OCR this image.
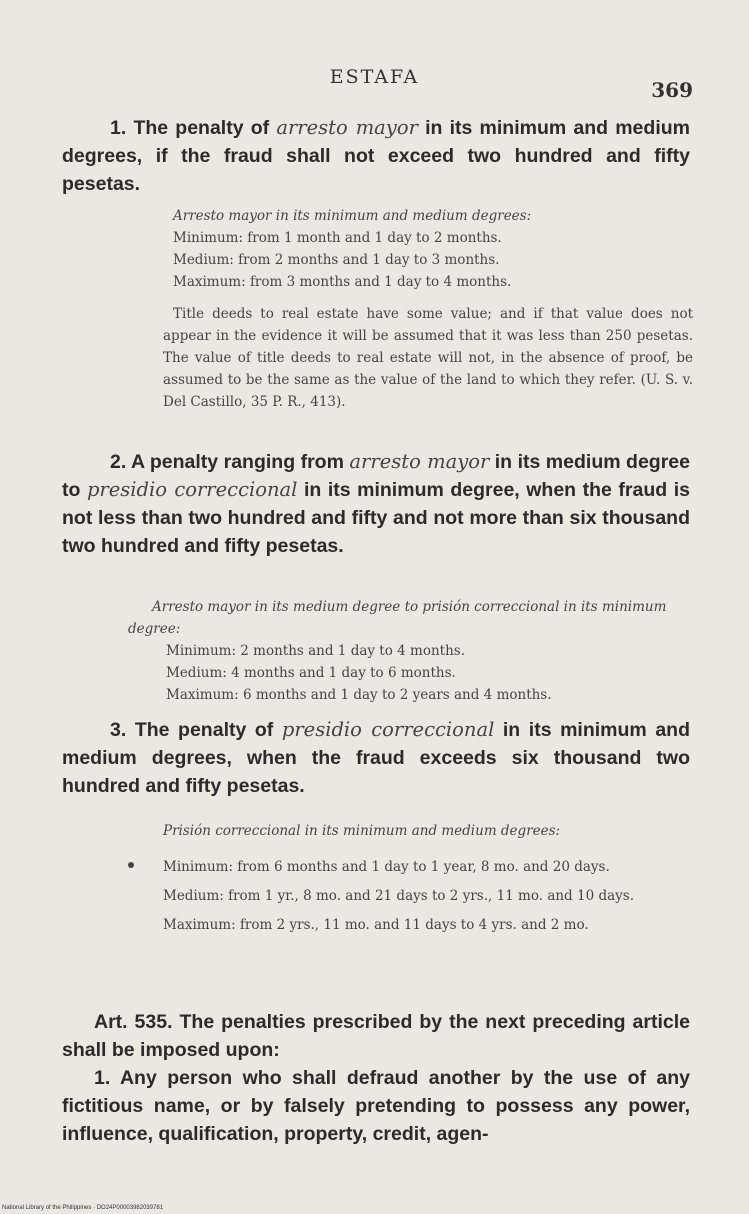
ESTAFA
369

1. The penalty of arresto mayor in its minimum and medium degrees, if the fraud shall not exceed two hundred and fifty pesetas.

Arresto mayor in its minimum and medium degrees:

Minimum: from 1 month and 1 day to 2 months.

Medium: from 2 months and 1 day to 3 months.

Maximum: from 3 months and 1 day to 4 months.

Title deeds to real estate have some value; and if that value does not appear in the evidence it will be assumed that it was less than 250 pesetas. The value of title deeds to real estate will not, in the absence of proof, be assumed to be the same as the value of the land to which they refer. (U. S. v. Del Castillo, 35 P. R., 413).

2. A penalty ranging from arresto mayor in its medium degree to presidio correccional in its minimum degree, when the fraud is not less than two hundred and fifty and not more than six thousand two hundred and fifty pesetas.

Arresto mayor in its medium degree to prisión correccional in its minimum degree:

Minimum: 2 months and 1 day to 4 months.

Medium: 4 months and 1 day to 6 months.

Maximum: 6 months and 1 day to 2 years and 4 months.

3. The penalty of presidio correccional in its minimum and medium degrees, when the fraud exceeds six thousand two hundred and fifty pesetas.

Prisión correccional in its minimum and medium degrees:

Minimum: from 6 months and 1 day to 1 year, 8 mo. and 20 days.

Medium: from 1 yr., 8 mo. and 21 days to 2 yrs., 11 mo. and 10 days.

Maximum: from 2 yrs., 11 mo. and 11 days to 4 yrs. and 2 mo.

Art. 535. The penalties prescribed by the next preceding article shall be imposed upon:

1. Any person who shall defraud another by the use of any fictitious name, or by falsely pretending to possess any power, influence, qualification, property, credit, agen-

National Library of the Philippines · DO24P00003982039781
